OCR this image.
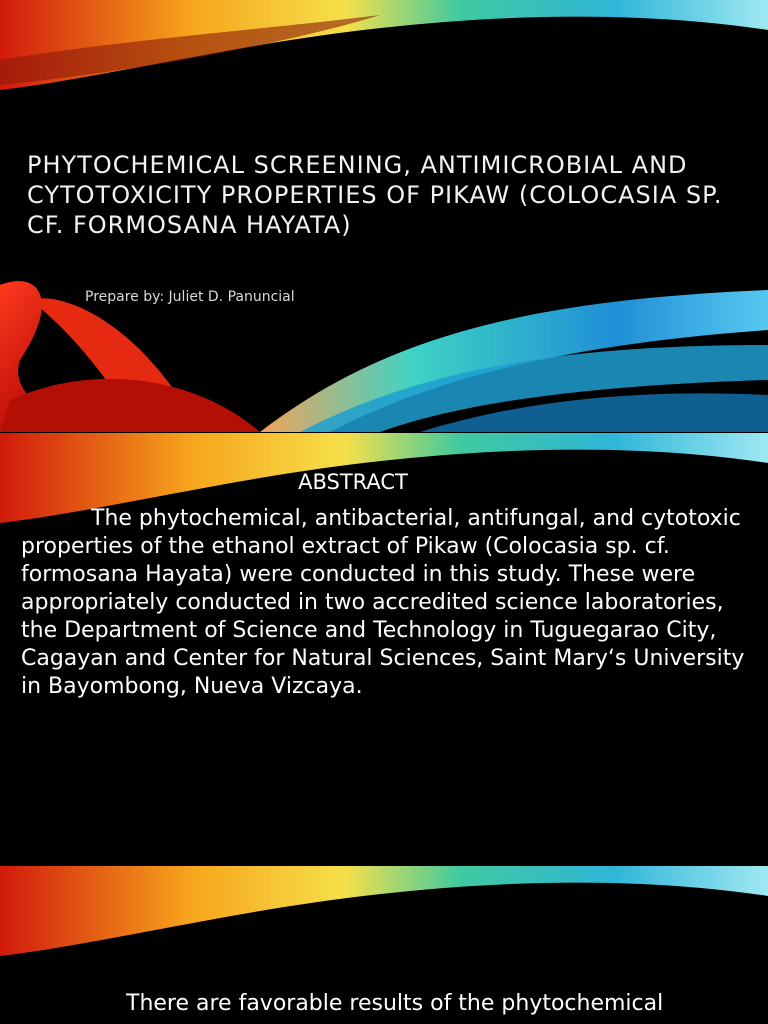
PHYTOCHEMICAL SCREENING, ANTIMICROBIAL AND CYTOTOXICITY PROPERTIES OF PIKAW (COLOCASIA SP. CF. FORMOSANA HAYATA)
Prepare by: Juliet D. Panuncial
ABSTRACT
The phytochemical, antibacterial, antifungal, and cytotoxic properties of the ethanol extract of Pikaw (Colocasia sp. cf. formosana Hayata) were conducted in this study. These were appropriately conducted in two accredited science laboratories, the Department of Science and Technology in Tuguegarao City, Cagayan and Center for Natural Sciences, Saint Mary‘s University in Bayombong, Nueva Vizcaya.
There are favorable results of the phytochemical
